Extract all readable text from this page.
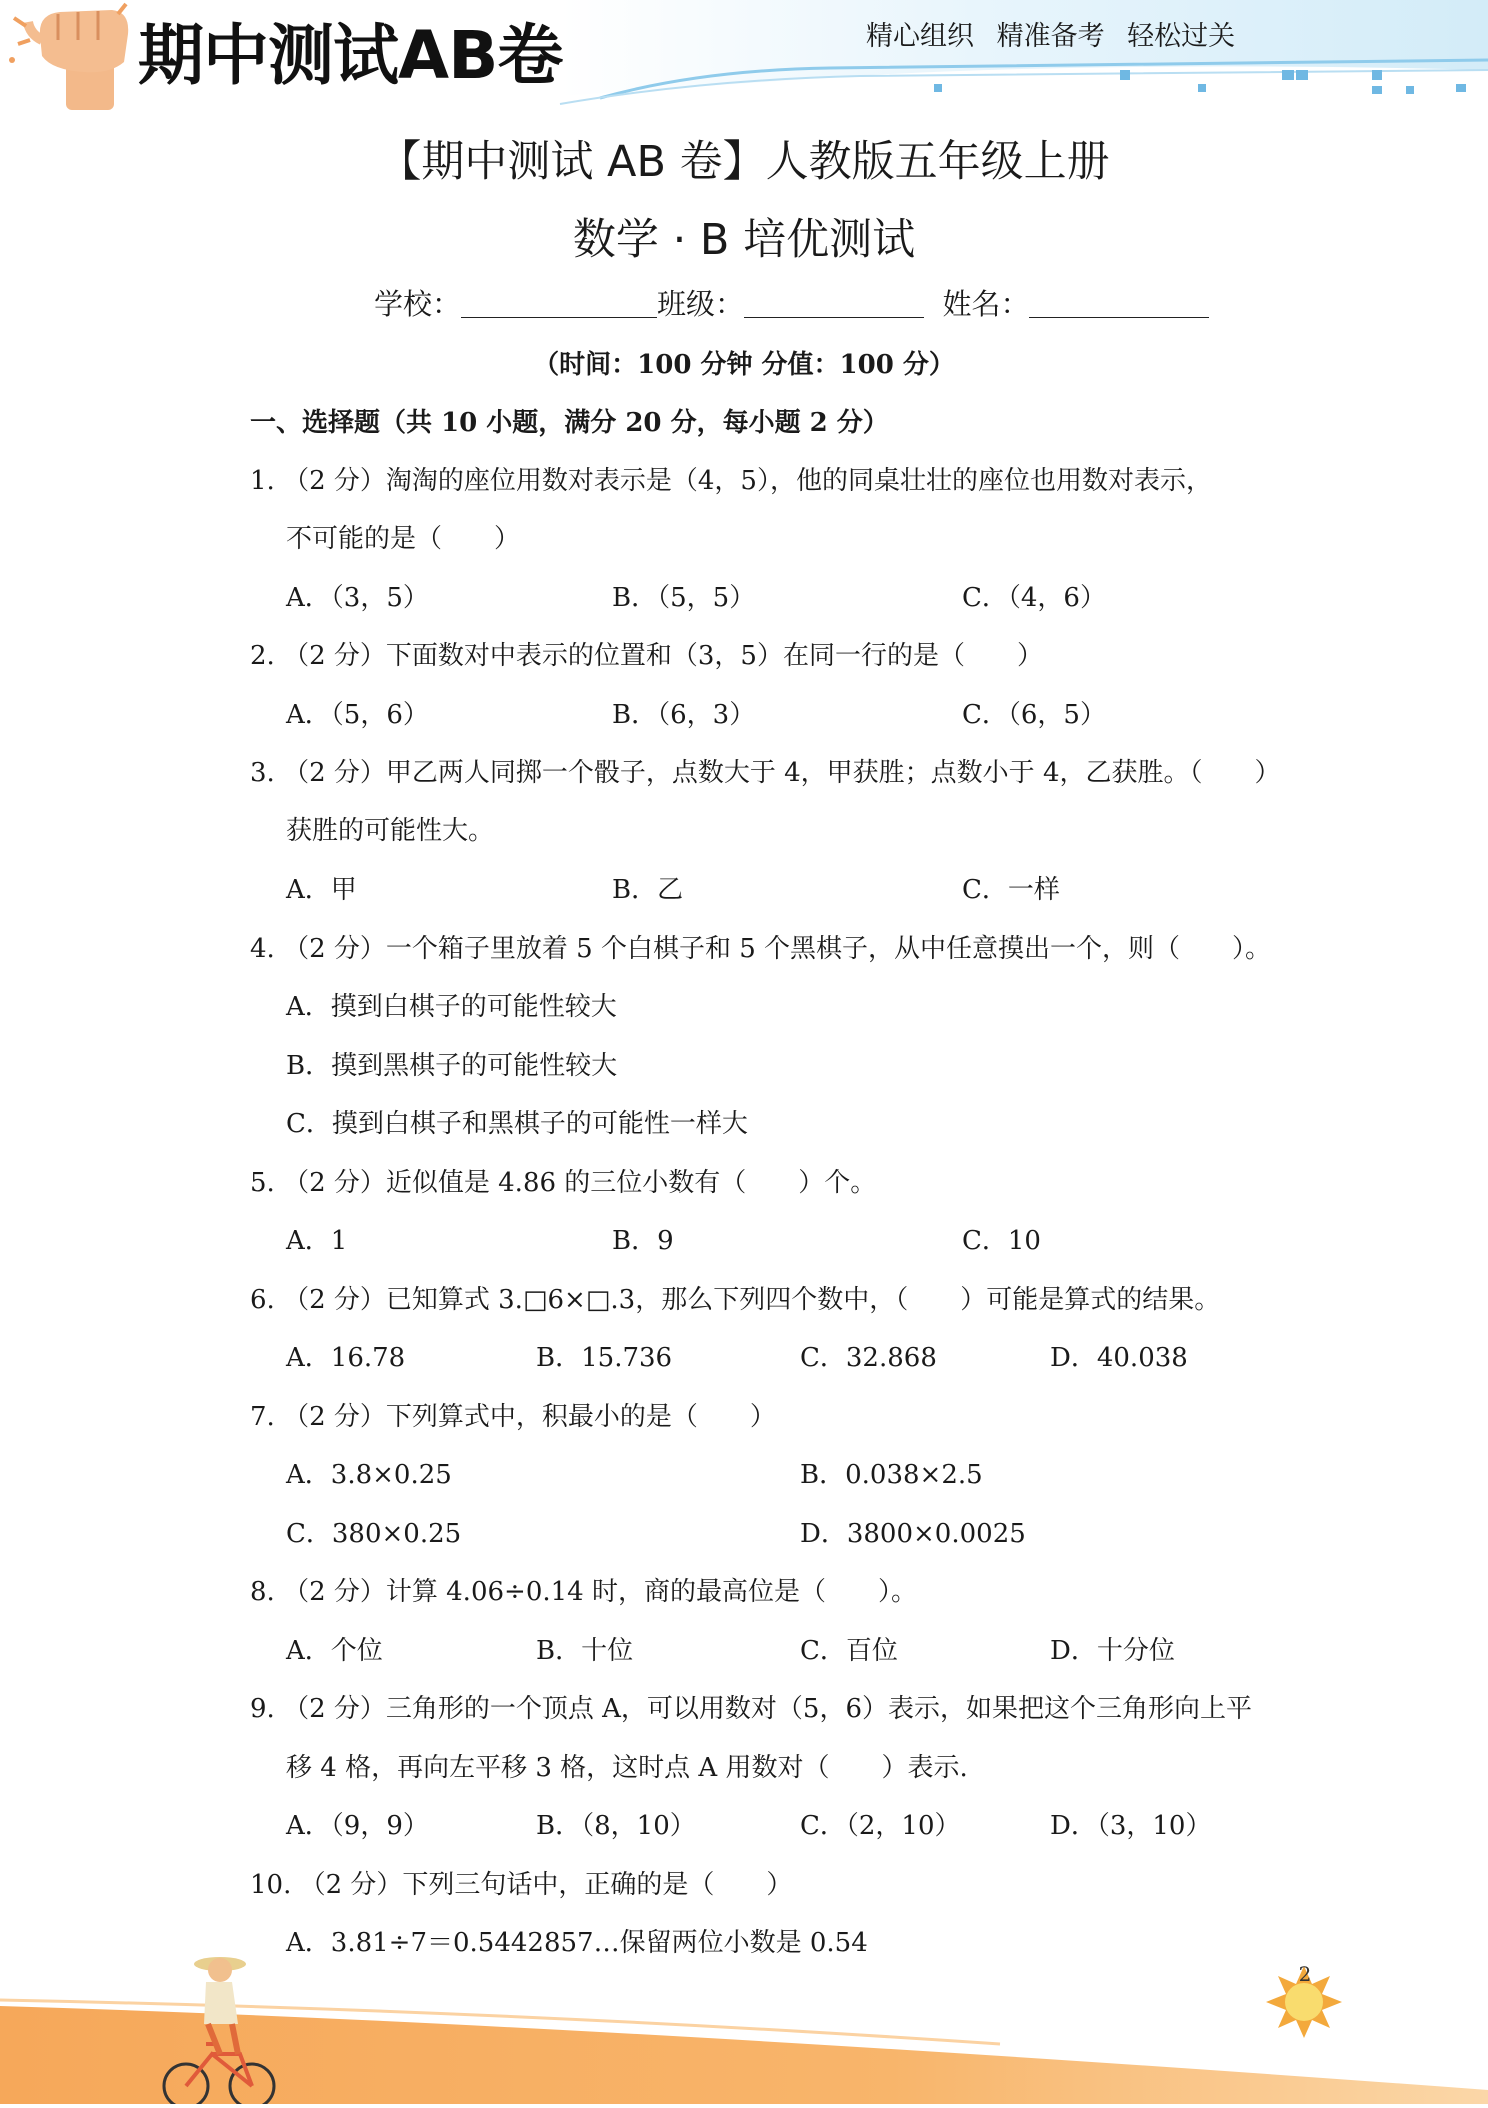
期中测试AB卷	精心组织 精准备考 轻松过关
【期中测试 AB 卷】人教版五年级上册
数学 · B 培优测试
学校：	班级：	姓名：
（时间：100 分钟 分值：100 分）
一、选择题（共 10 小题，满分 20 分，每小题 2 分）
1. （2 分）淘淘的座位用数对表示是（4，5），他的同桌壮壮的座位也用数对表示，
不可能的是（　　）
A．（3，5）	B．（5，5）	C．（4，6）
2. （2 分）下面数对中表示的位置和（3，5）在同一行的是（　　）
A．（5，6）	B．（6，3）	C．（6，5）
3. （2 分）甲乙两人同掷一个骰子，点数大于 4，甲获胜；点数小于 4，乙获胜。（　　）
获胜的可能性大。
A．甲	B．乙	C．一样
4. （2 分）一个箱子里放着 5 个白棋子和 5 个黑棋子，从中任意摸出一个，则（　　）。
A．摸到白棋子的可能性较大
B．摸到黑棋子的可能性较大
C．摸到白棋子和黑棋子的可能性一样大
5. （2 分）近似值是 4.86 的三位小数有（　　）个。
A．1	B．9	C．10
6. （2 分）已知算式 3.□6×□.3，那么下列四个数中，（　　）可能是算式的结果。
A．16.78	B．15.736	C．32.868	D．40.038
7. （2 分）下列算式中，积最小的是（　　）
A．3.8×0.25	B．0.038×2.5
C．380×0.25	D．3800×0.0025
8. （2 分）计算 4.06÷0.14 时，商的最高位是（　　）。
A．个位	B．十位	C．百位	D．十分位
9. （2 分）三角形的一个顶点 A，可以用数对（5，6）表示，如果把这个三角形向上平
移 4 格，再向左平移 3 格，这时点 A 用数对（　　）表示.
A．（9，9）	B．（8，10）	C．（2，10）	D．（3，10）
10. （2 分）下列三句话中，正确的是（　　）
A．3.81÷7＝0.5442857…保留两位小数是 0.54
2
